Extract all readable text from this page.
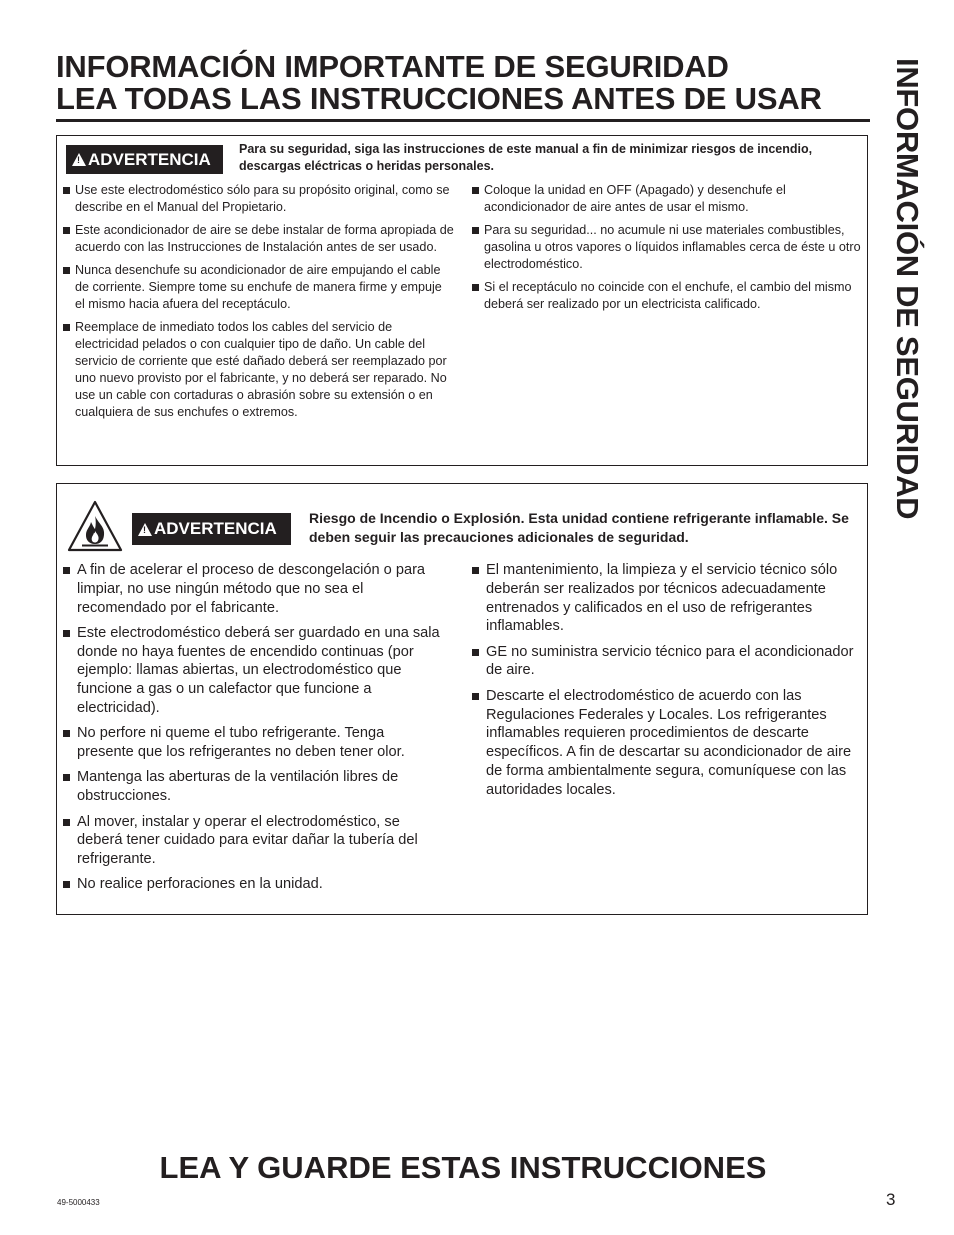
INFORMACIÓN IMPORTANTE DE SEGURIDAD
LEA TODAS LAS INSTRUCCIONES ANTES DE USAR	INFORMACIÓN DE SEGURIDAD
!
ADVERTENCIA
Para su seguridad, siga las instrucciones de este manual a fin de minimizar riesgos de incendio, descargas eléctricas o heridas personales.
Use este electrodoméstico sólo para su propósito original, como se describe en el Manual del Propietario.
Este acondicionador de aire se debe instalar de forma apropiada de acuerdo con las Instrucciones de Instalación antes de ser usado.
Nunca desenchufe su acondicionador de aire empujando el cable de corriente. Siempre tome su enchufe de manera firme y empuje el mismo hacia afuera del receptáculo.
Reemplace de inmediato todos los cables del servicio de electricidad pelados o con cualquier tipo de daño. Un cable del servicio de corriente que esté dañado deberá ser reemplazado por uno nuevo provisto por el fabricante, y no deberá ser reparado. No use un cable con cortaduras o abrasión sobre su extensión o en cualquiera de sus enchufes o extremos.
Coloque la unidad en OFF (Apagado) y desenchufe el acondicionador de aire antes de usar el mismo.
Para su seguridad... no acumule ni use materiales combustibles, gasolina u otros vapores o líquidos inflamables cerca de éste u otro electrodoméstico.
Si el receptáculo no coincide con el enchufe, el cambio del mismo deberá ser realizado por un electricista calificado.
!
ADVERTENCIA
Riesgo de Incendio o Explosión. Esta unidad contiene refrigerante inflamable. Se deben seguir las precauciones adicionales de seguridad.
A fin de acelerar el proceso de descongelación o para limpiar, no use ningún método que no sea el recomendado por el fabricante.
Este electrodoméstico deberá ser guardado en una sala donde no haya fuentes de encendido continuas (por ejemplo: llamas abiertas, un electrodoméstico que funcione a gas o un calefactor que funcione a electricidad).
No perfore ni queme el tubo refrigerante. Tenga presente que los refrigerantes no deben tener olor.
Mantenga las aberturas de la ventilación libres de obstrucciones.
Al mover, instalar y operar el electrodoméstico, se deberá tener cuidado para evitar dañar la tubería del refrigerante.
No realice perforaciones en la unidad.
El mantenimiento, la limpieza y el servicio técnico sólo deberán ser realizados por técnicos adecuadamente entrenados y calificados en el uso de refrigerantes inflamables.
GE no suministra servicio técnico para el acondicionador de aire.
Descarte el electrodoméstico de acuerdo con las Regulaciones Federales y Locales. Los refrigerantes inflamables requieren procedimientos de descarte específicos. A fin de descartar su acondicionador de aire de forma ambientalmente segura, comuníquese con las autoridades locales.
LEA Y GUARDE ESTAS INSTRUCCIONES
49-5000433	3
